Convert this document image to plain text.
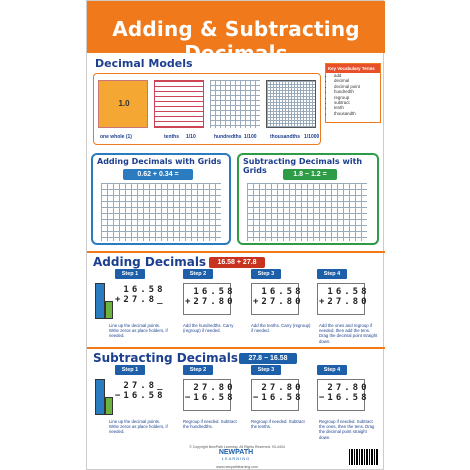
Adding & Subtracting Decimals
Decimal Models
1.0
one whole (1)	tenths 1/10	hundredths 1/100	thousandths 1/1000
Key Vocabulary Terms
• add
• decimal
• decimal point
• hundredth
• regroup
• subtract
• tenth
• thousandth
Adding Decimals with Grids
0.62 + 0.34 =
Subtracting Decimals with Grids	1.8 − 1.2 =
Adding Decimals	16.58 + 27.8
Step 1	Step 2	Step 3	Step 4
16.58
+27.8_
16.58
+27.80
16.58
+27.80
16.58
+27.80
Line up the decimal points. Write zeros as place holders, if needed.
Add the hundredths. Carry (regroup) if needed.
Add the tenths. Carry (regroup) if needed.
Add the ones and regroup if needed, then add the tens. Drag the decimal point straight down.
Subtracting Decimals	27.8 − 16.58
Step 1	Step 2	Step 3	Step 4
27.8_
−16.58
27.80
−16.58
27.80
−16.58
27.80
−16.58
Line up the decimal points. Write zeros as place holders, if needed.
Regroup if needed. Subtract the hundredths.
Regroup if needed. Subtract the tenths.
Regroup if needed. Subtract the ones, then the tens. Drag the decimal point straight down.
© Copyright NewPath Learning. All Rights Reserved. 93-4404
www.newpathlearning.com
NEWPATH
LEARNING
